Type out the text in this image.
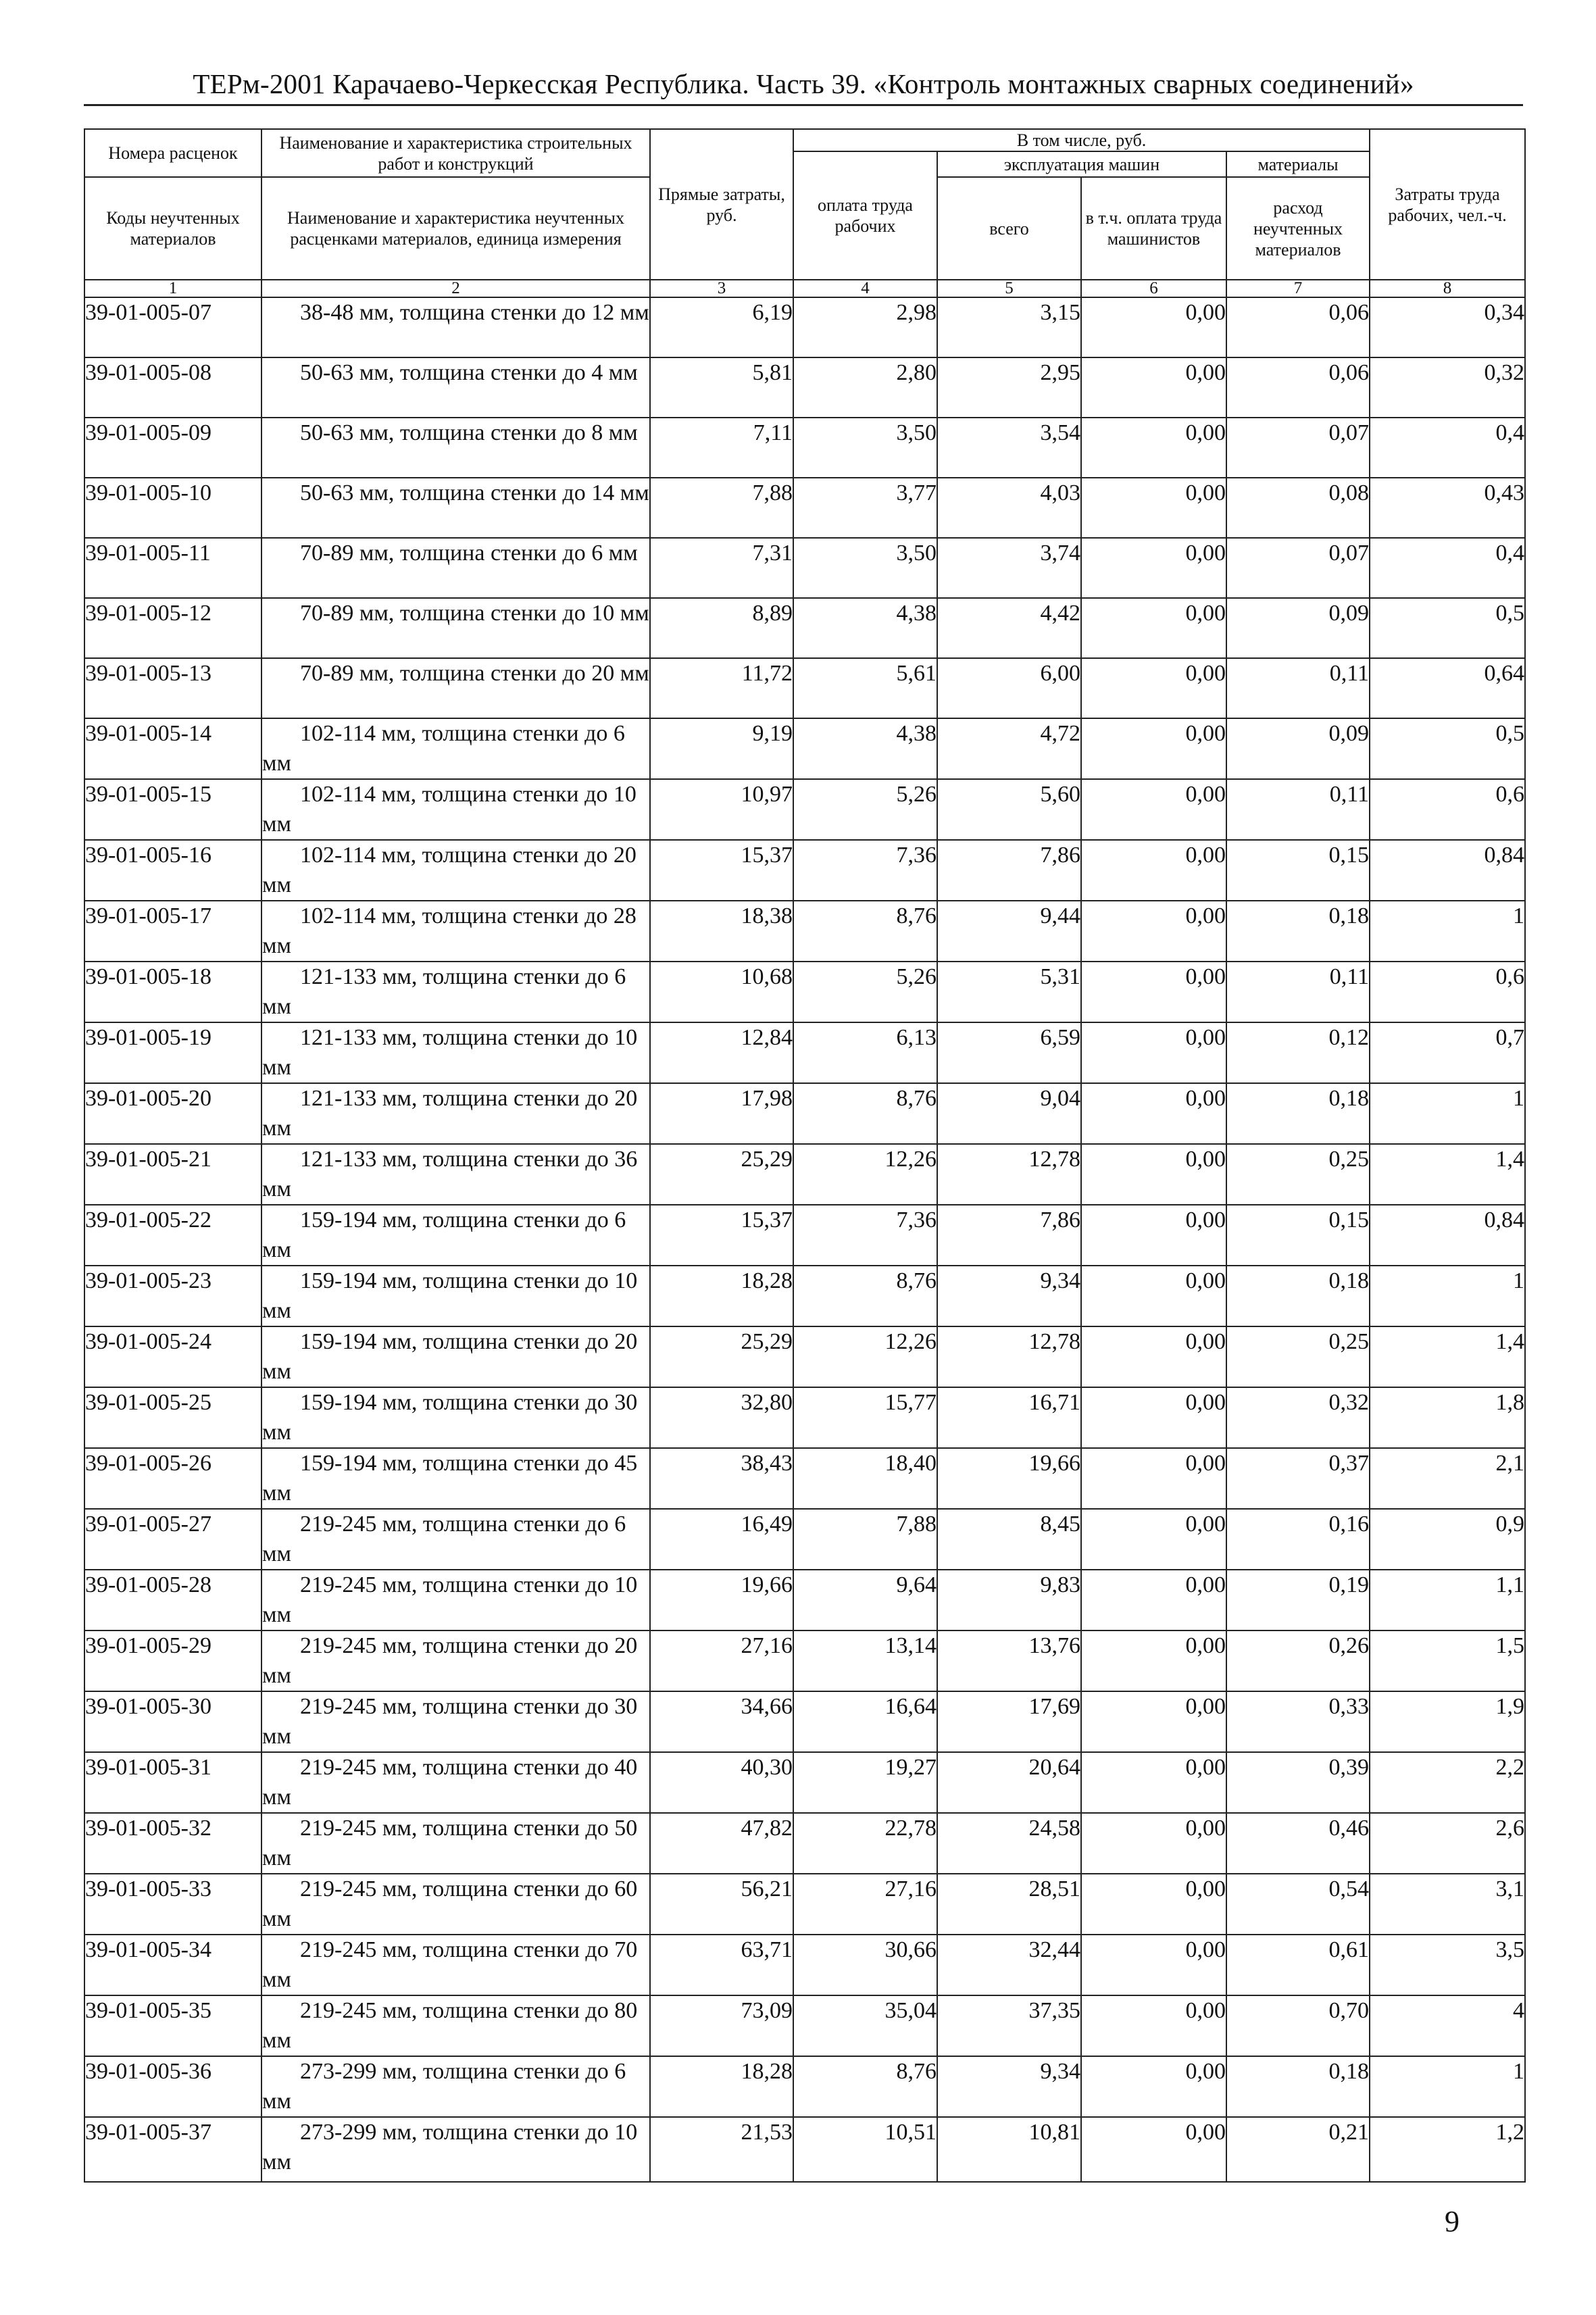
ТЕРм-2001 Карачаево-Черкесская Республика. Часть 39. «Контроль монтажных сварных соединений»
Номера расценок	Наименование и характеристика строительных работ и конструкций	Прямые затраты, руб.	В том числе, руб.				Затраты труда рабочих, чел.-ч.
			оплата труда рабочих	эксплуатация машин		материалы	
Коды неучтенных материалов	Наименование и характеристика неучтенных расценками материалов, единица измерения			всего	в т.ч. оплата труда машинистов	расход неучтенных материалов	
1	2	3	4	5	6	7	8
39-01-005-07	38-48 мм, толщина стенки до 12 мм	6,19	2,98	3,15	0,00	0,06	0,34
39-01-005-08	50-63 мм, толщина стенки до 4 мм	5,81	2,80	2,95	0,00	0,06	0,32
39-01-005-09	50-63 мм, толщина стенки до 8 мм	7,11	3,50	3,54	0,00	0,07	0,4
39-01-005-10	50-63 мм, толщина стенки до 14 мм	7,88	3,77	4,03	0,00	0,08	0,43
39-01-005-11	70-89 мм, толщина стенки до 6 мм	7,31	3,50	3,74	0,00	0,07	0,4
39-01-005-12	70-89 мм, толщина стенки до 10 мм	8,89	4,38	4,42	0,00	0,09	0,5
39-01-005-13	70-89 мм, толщина стенки до 20 мм	11,72	5,61	6,00	0,00	0,11	0,64
39-01-005-14	102-114 мм, толщина стенки до 6 мм	9,19	4,38	4,72	0,00	0,09	0,5
39-01-005-15	102-114 мм, толщина стенки до 10 мм	10,97	5,26	5,60	0,00	0,11	0,6
39-01-005-16	102-114 мм, толщина стенки до 20 мм	15,37	7,36	7,86	0,00	0,15	0,84
39-01-005-17	102-114 мм, толщина стенки до 28 мм	18,38	8,76	9,44	0,00	0,18	1
39-01-005-18	121-133 мм, толщина стенки до 6 мм	10,68	5,26	5,31	0,00	0,11	0,6
39-01-005-19	121-133 мм, толщина стенки до 10 мм	12,84	6,13	6,59	0,00	0,12	0,7
39-01-005-20	121-133 мм, толщина стенки до 20 мм	17,98	8,76	9,04	0,00	0,18	1
39-01-005-21	121-133 мм, толщина стенки до 36 мм	25,29	12,26	12,78	0,00	0,25	1,4
39-01-005-22	159-194 мм, толщина стенки до 6 мм	15,37	7,36	7,86	0,00	0,15	0,84
39-01-005-23	159-194 мм, толщина стенки до 10 мм	18,28	8,76	9,34	0,00	0,18	1
39-01-005-24	159-194 мм, толщина стенки до 20 мм	25,29	12,26	12,78	0,00	0,25	1,4
39-01-005-25	159-194 мм, толщина стенки до 30 мм	32,80	15,77	16,71	0,00	0,32	1,8
39-01-005-26	159-194 мм, толщина стенки до 45 мм	38,43	18,40	19,66	0,00	0,37	2,1
39-01-005-27	219-245 мм, толщина стенки до 6 мм	16,49	7,88	8,45	0,00	0,16	0,9
39-01-005-28	219-245 мм, толщина стенки до 10 мм	19,66	9,64	9,83	0,00	0,19	1,1
39-01-005-29	219-245 мм, толщина стенки до 20 мм	27,16	13,14	13,76	0,00	0,26	1,5
39-01-005-30	219-245 мм, толщина стенки до 30 мм	34,66	16,64	17,69	0,00	0,33	1,9
39-01-005-31	219-245 мм, толщина стенки до 40 мм	40,30	19,27	20,64	0,00	0,39	2,2
39-01-005-32	219-245 мм, толщина стенки до 50 мм	47,82	22,78	24,58	0,00	0,46	2,6
39-01-005-33	219-245 мм, толщина стенки до 60 мм	56,21	27,16	28,51	0,00	0,54	3,1
39-01-005-34	219-245 мм, толщина стенки до 70 мм	63,71	30,66	32,44	0,00	0,61	3,5
39-01-005-35	219-245 мм, толщина стенки до 80 мм	73,09	35,04	37,35	0,00	0,70	4
39-01-005-36	273-299 мм, толщина стенки до 6 мм	18,28	8,76	9,34	0,00	0,18	1
39-01-005-37	273-299 мм, толщина стенки до 10 мм	21,53	10,51	10,81	0,00	0,21	1,2
9
